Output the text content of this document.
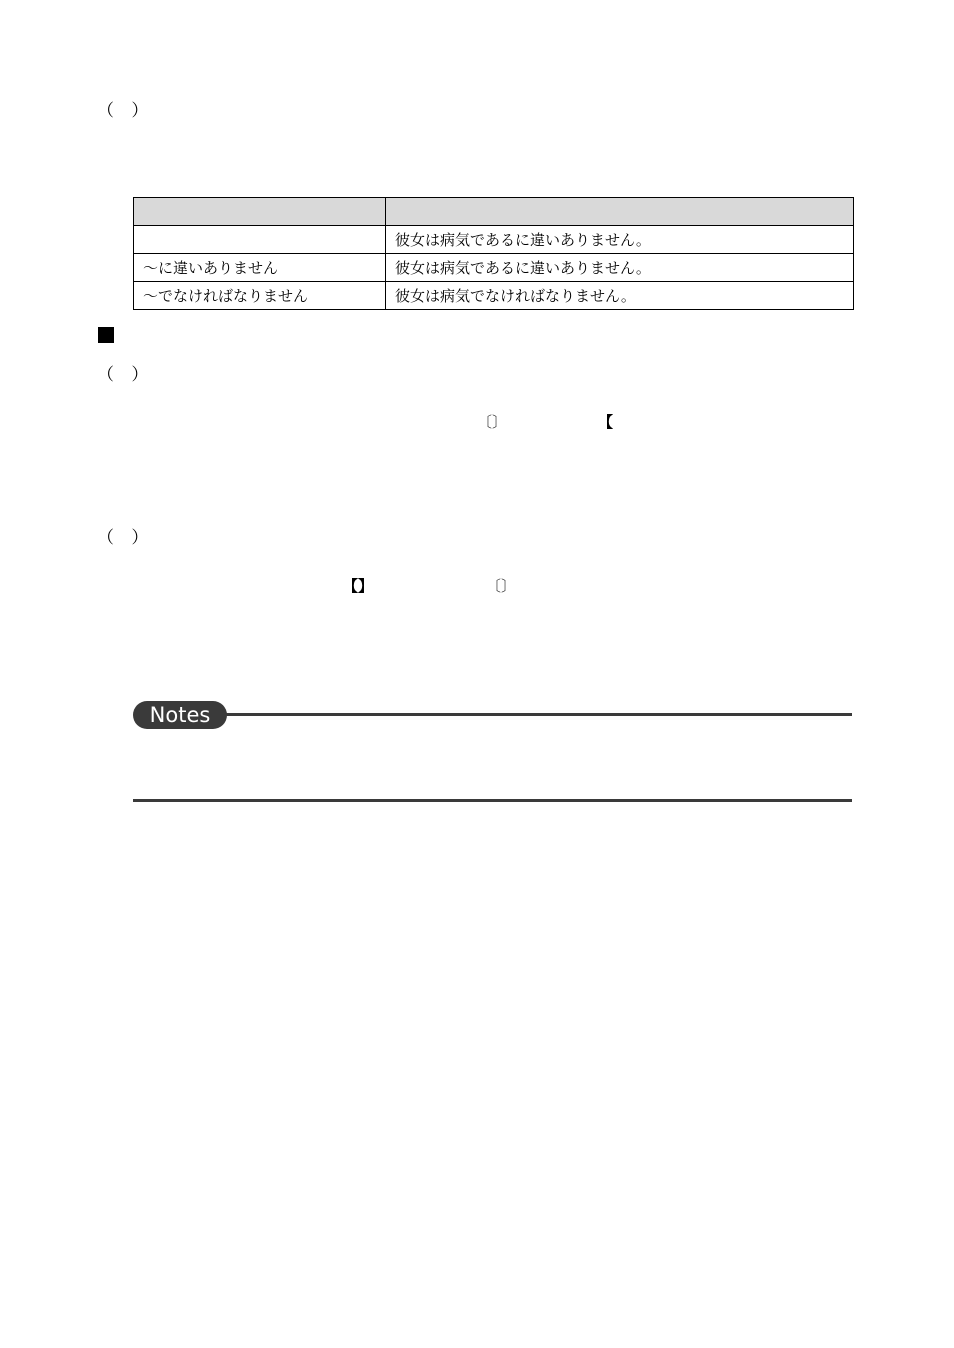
（ ）

	彼女は病気であるに違いありません。
～に違いありません	彼女は病気であるに違いありません。
～でなければなりません	彼女は病気でなければなりません。
（ ）
〔〕	【
（ ）
【】	〔〕
Notes
